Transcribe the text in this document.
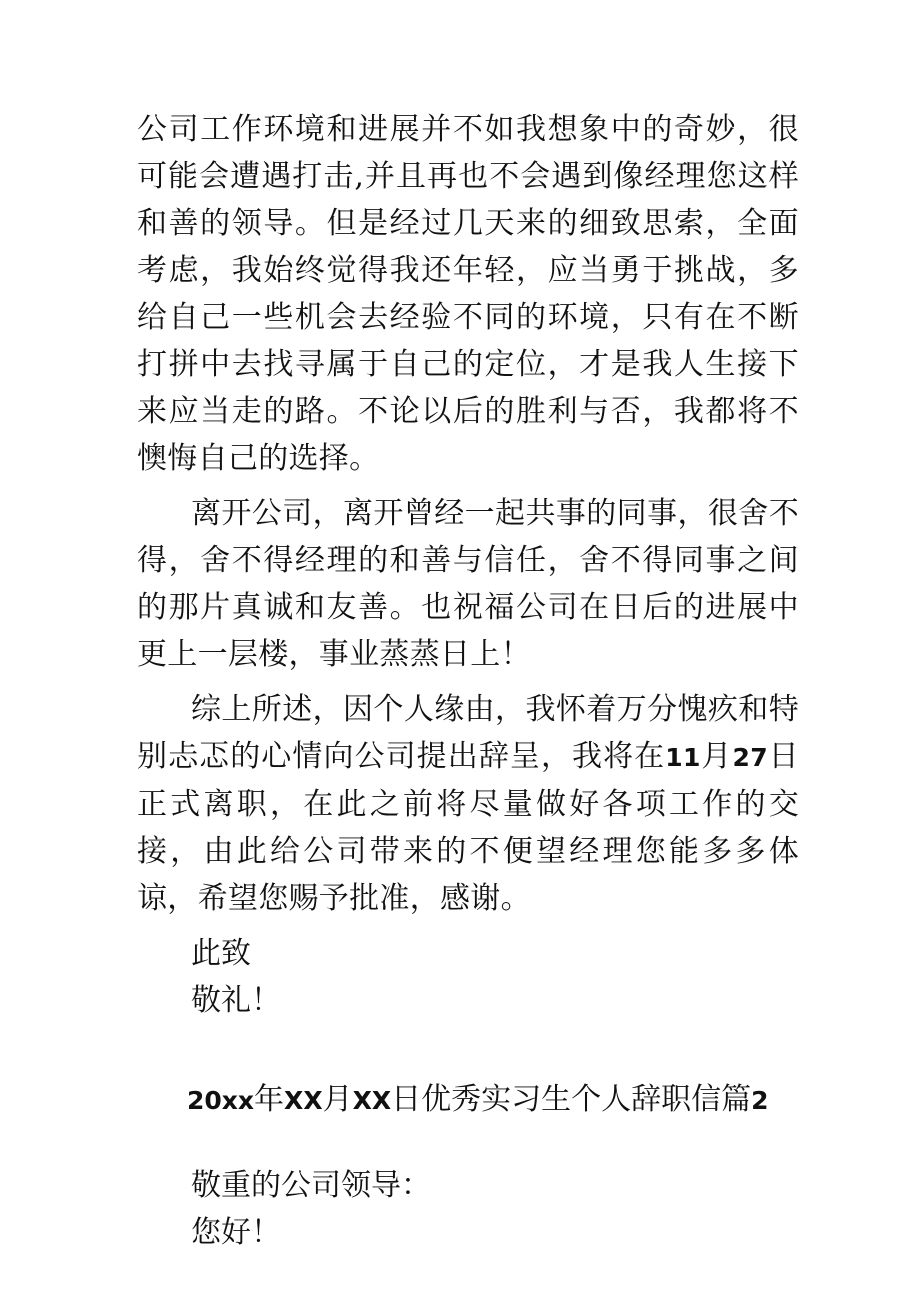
公司工作环境和进展并不如我想象中的奇妙，很可能会遭遇打击,并且再也不会遇到像经理您这样和善的领导。但是经过几天来的细致思索，全面考虑，我始终觉得我还年轻，应当勇于挑战，多给自己一些机会去经验不同的环境，只有在不断打拼中去找寻属于自己的定位，才是我人生接下来应当走的路。不论以后的胜利与否，我都将不懊悔自己的选择。

离开公司，离开曾经一起共事的同事，很舍不得，舍不得经理的和善与信任，舍不得同事之间的那片真诚和友善。也祝福公司在日后的进展中更上一层楼，事业蒸蒸日上！

综上所述，因个人缘由，我怀着万分愧疚和特别忐忑的心情向公司提出辞呈，我将在11月27日正式离职，在此之前将尽量做好各项工作的交接，由此给公司带来的不便望经理您能多多体谅，希望您赐予批准，感谢。

此致

敬礼！

20xx年XX月XX日优秀实习生个人辞职信篇2

敬重的公司领导：

您好！
